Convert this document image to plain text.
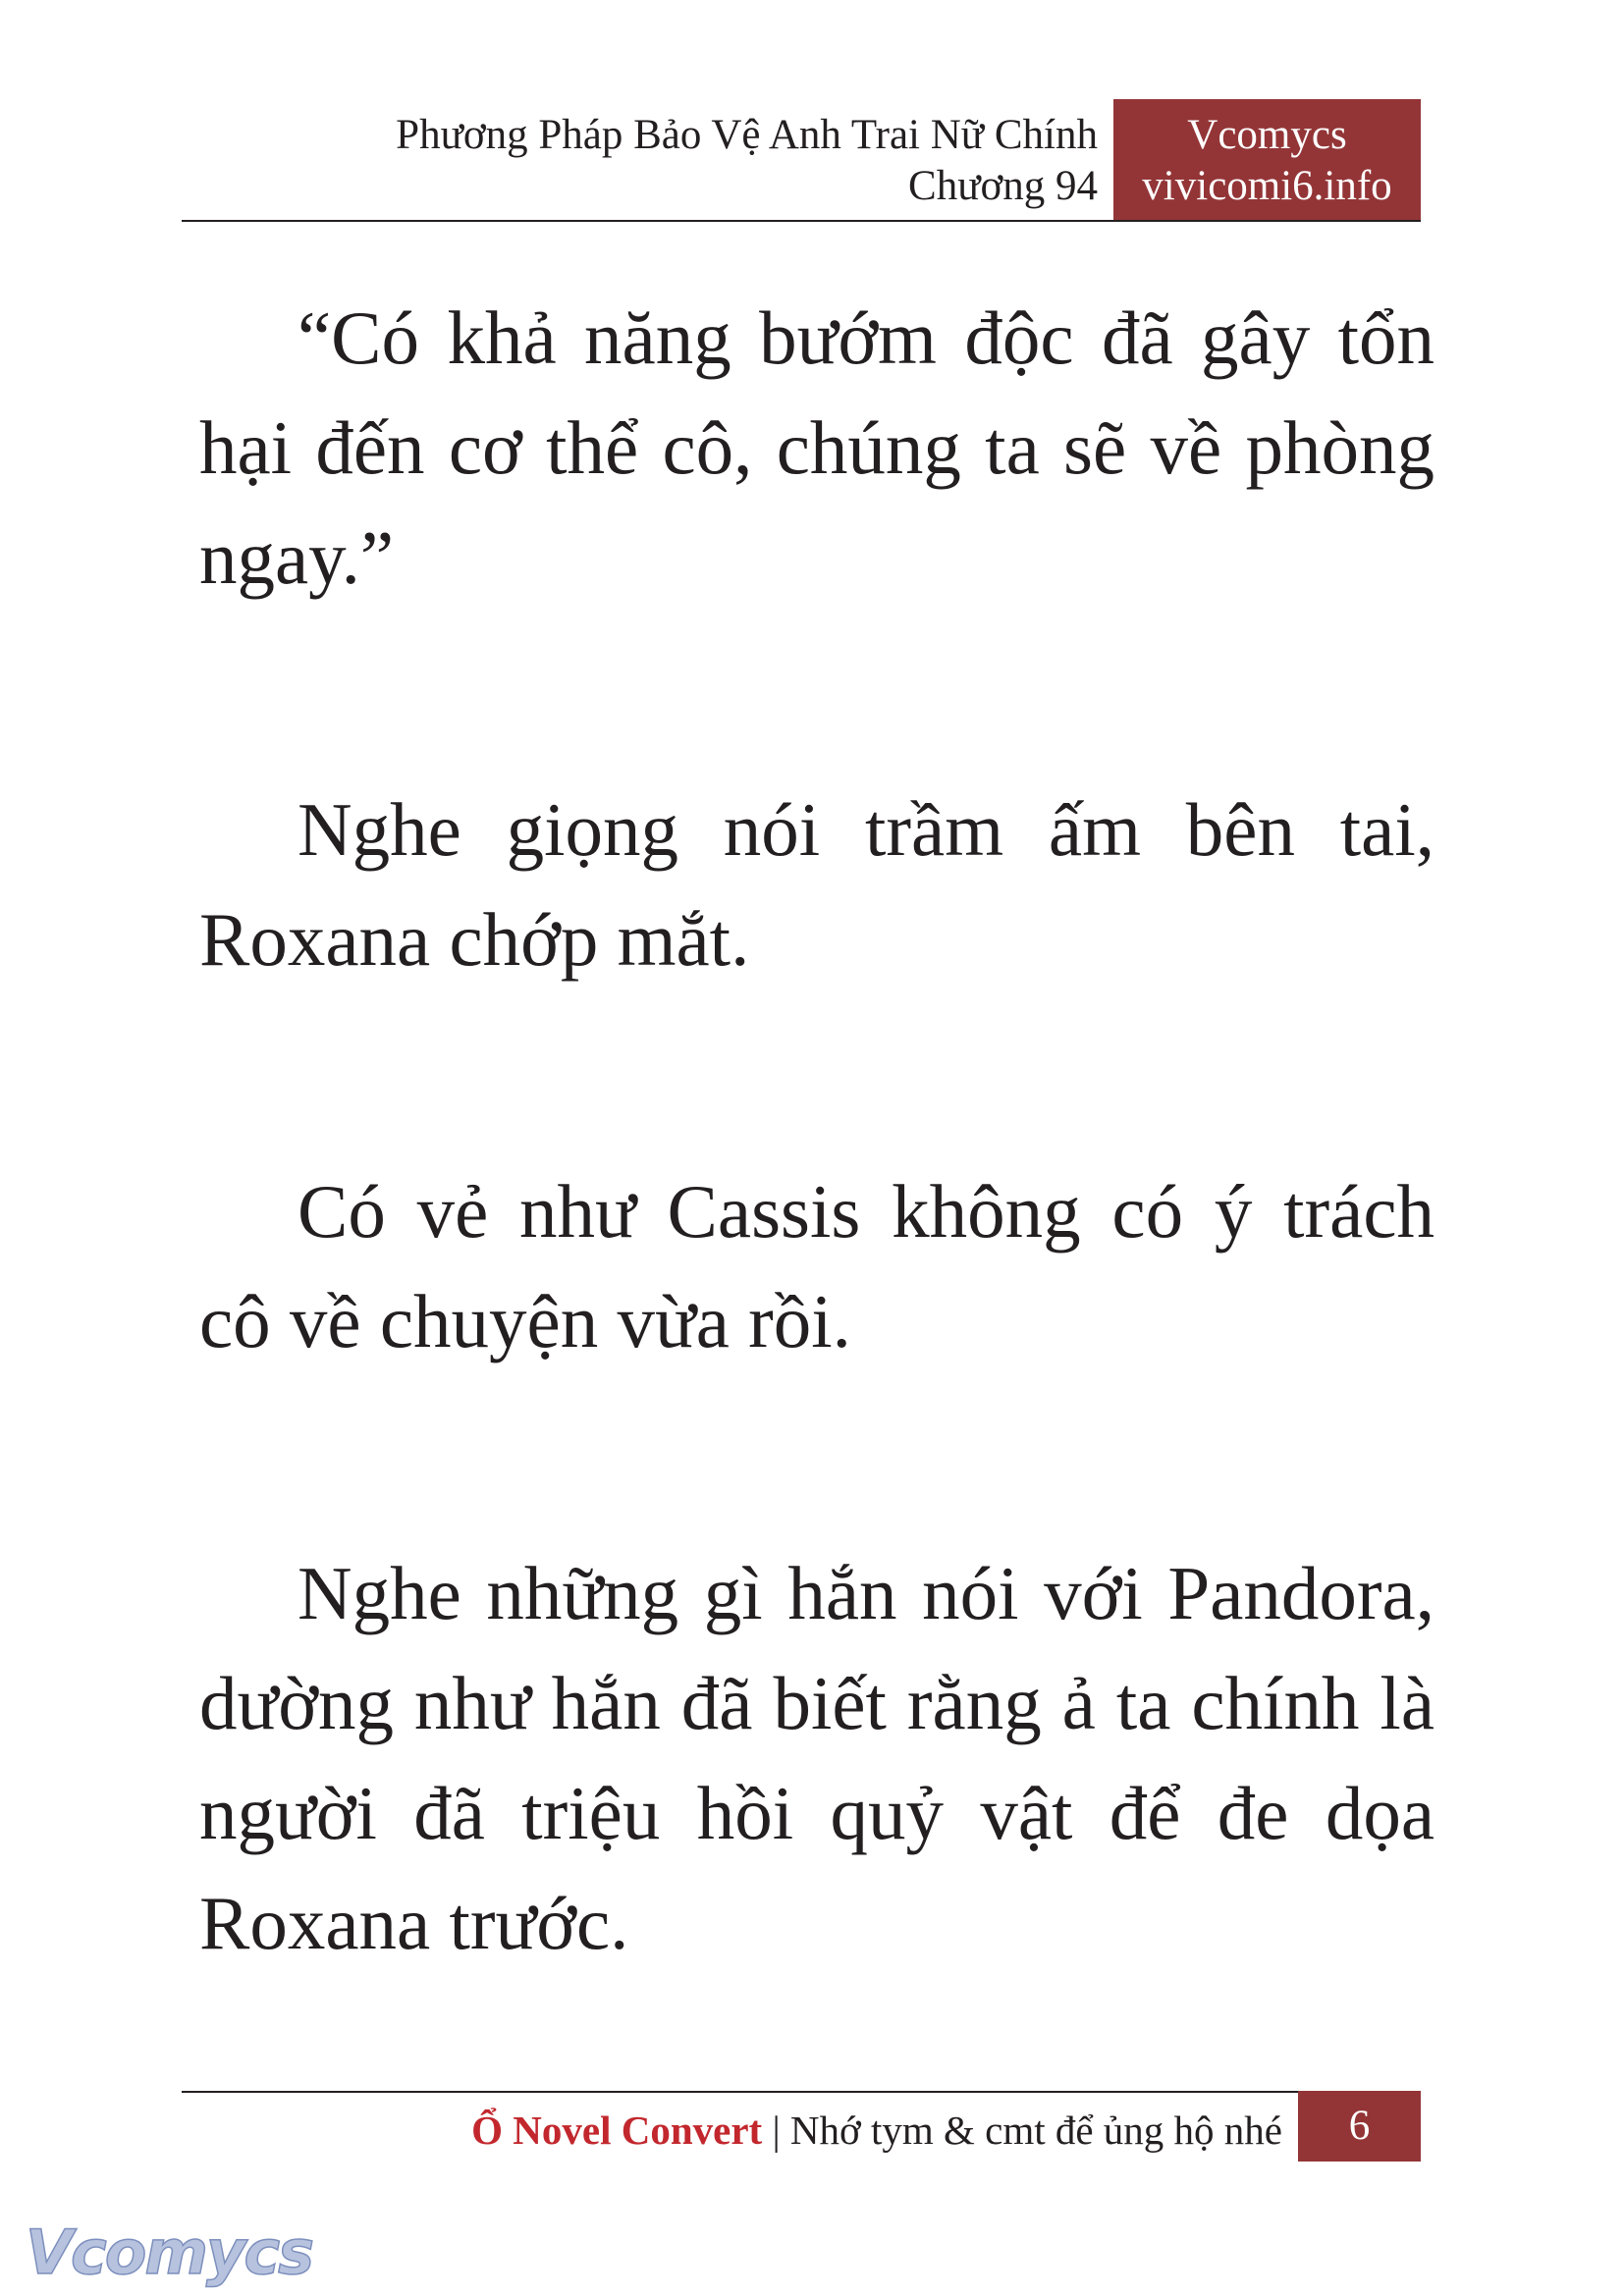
Phương Pháp Bảo Vệ Anh Trai Nữ Chính
Chương 94
Vcomycs
vivicomi6.info

“Có khả năng bướm độc đã gây tổn hại đến cơ thể cô, chúng ta sẽ về phòng ngay.”

Nghe giọng nói trầm ấm bên tai, Roxana chớp mắt.

Có vẻ như Cassis không có ý trách cô về chuyện vừa rồi.

Nghe những gì hắn nói với Pandora, dường như hắn đã biết rằng ả ta chính là người đã triệu hồi quỷ vật để đe dọa Roxana trước.

Ổ Novel Convert | Nhớ tym & cmt để ủng hộ nhé	6
Vcomycs
